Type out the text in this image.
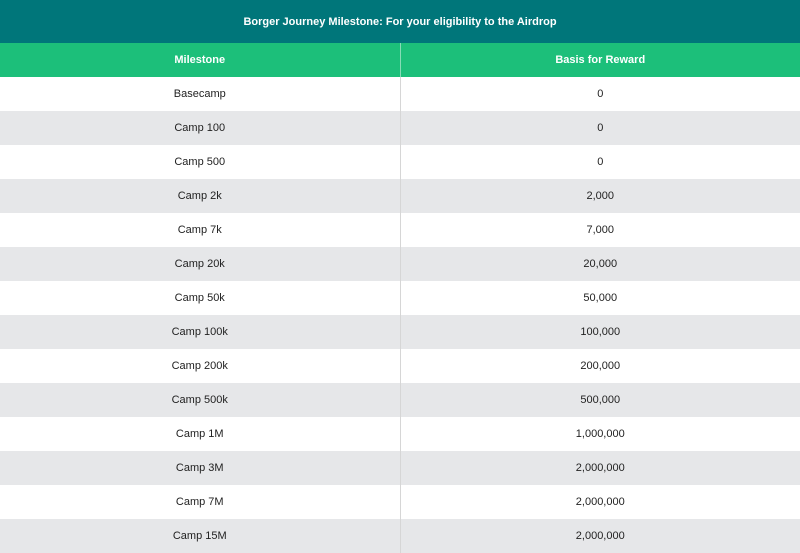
Borger Journey Milestone: For your eligibility to the Airdrop
Milestone	Basis for Reward
Basecamp	0
Camp 100	0
Camp 500	0
Camp 2k	2,000
Camp 7k	7,000
Camp 20k	20,000
Camp 50k	50,000
Camp 100k	100,000
Camp 200k	200,000
Camp 500k	500,000
Camp 1M	1,000,000
Camp 3M	2,000,000
Camp 7M	2,000,000
Camp 15M	2,000,000
